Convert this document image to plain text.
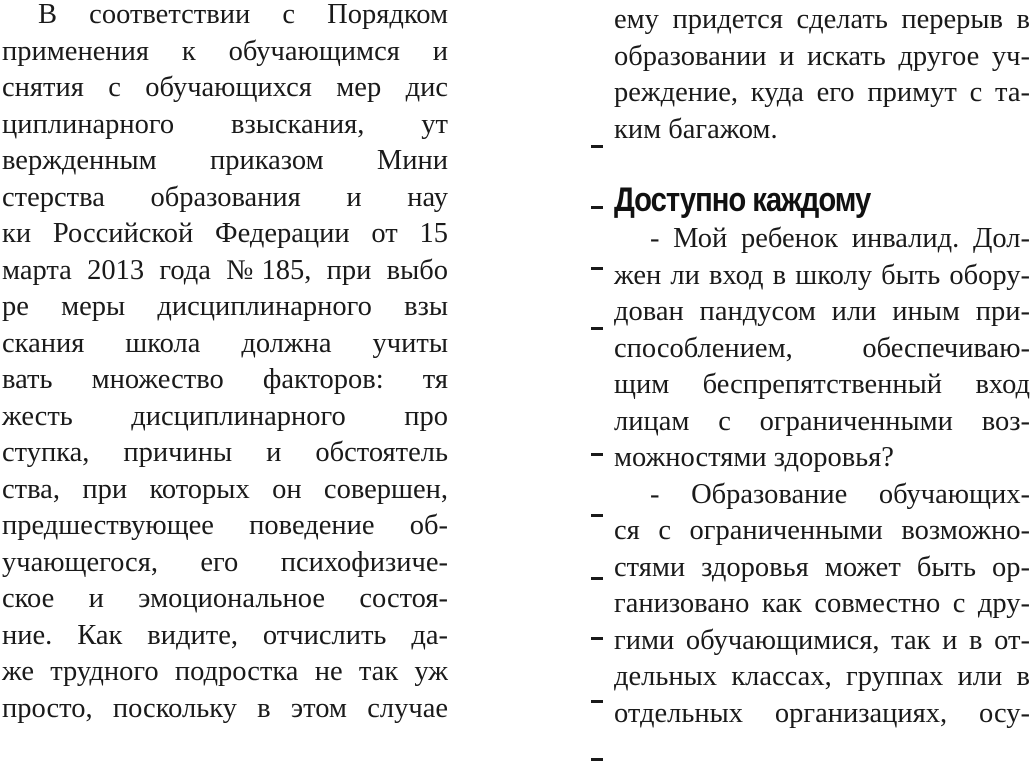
В соответствии с Порядком
применения к обучающимся и
снятия с обучающихся мер дис
циплинарного взыскания, ут
вержденным приказом Мини
стерства образования и нау
ки Российской Федерации от 15
марта 2013 года №185, при выбо
ре меры дисциплинарного взы
скания школа должна учиты
вать множество факторов: тя
жесть дисциплинарного про
ступка, причины и обстоятель
ства, при которых он совершен,
предшествующее поведение об-
учающегося, его психофизиче-
ское и эмоциональное состоя-
ние. Как видите, отчислить да-
же трудного подростка не так уж
просто, поскольку в этом случае
ему придется сделать перерыв в
образовании и искать другое уч-
реждение, куда его примут с та-
ким багажом.
Доступно каждому
- Мой ребенок инвалид. Дол-
жен ли вход в школу быть обору-
дован пандусом или иным при-
способлением, обеспечиваю-
щим беспрепятственный вход
лицам с ограниченными воз-
можностями здоровья?
- Образование обучающих-
ся с ограниченными возможно-
стями здоровья может быть ор-
ганизовано как совместно с дру-
гими обучающимися, так и в от-
дельных классах, группах или в
отдельных организациях, осу-
